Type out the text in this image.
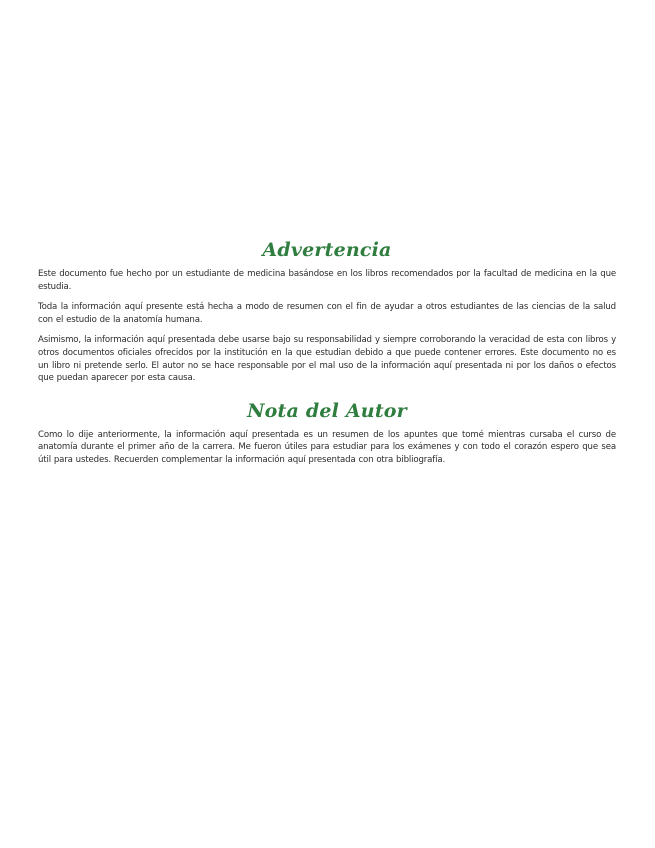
Advertencia

Este documento fue hecho por un estudiante de medicina basándose en los libros recomendados por la facultad de medicina en la que estudia.

Toda la información aquí presente está hecha a modo de resumen con el fin de ayudar a otros estudiantes de las ciencias de la salud con el estudio de la anatomía humana.

Asimismo, la información aquí presentada debe usarse bajo su responsabilidad y siempre corroborando la veracidad de esta con libros y otros documentos oficiales ofrecidos por la institución en la que estudian debido a que puede contener errores. Este documento no es un libro ni pretende serlo. El autor no se hace responsable por el mal uso de la información aquí presentada ni por los daños o efectos que puedan aparecer por esta causa.

Nota del Autor

Como lo dije anteriormente, la información aquí presentada es un resumen de los apuntes que tomé mientras cursaba el curso de anatomía durante el primer año de la carrera. Me fueron útiles para estudiar para los exámenes y con todo el corazón espero que sea útil para ustedes. Recuerden complementar la información aquí presentada con otra bibliografía.
